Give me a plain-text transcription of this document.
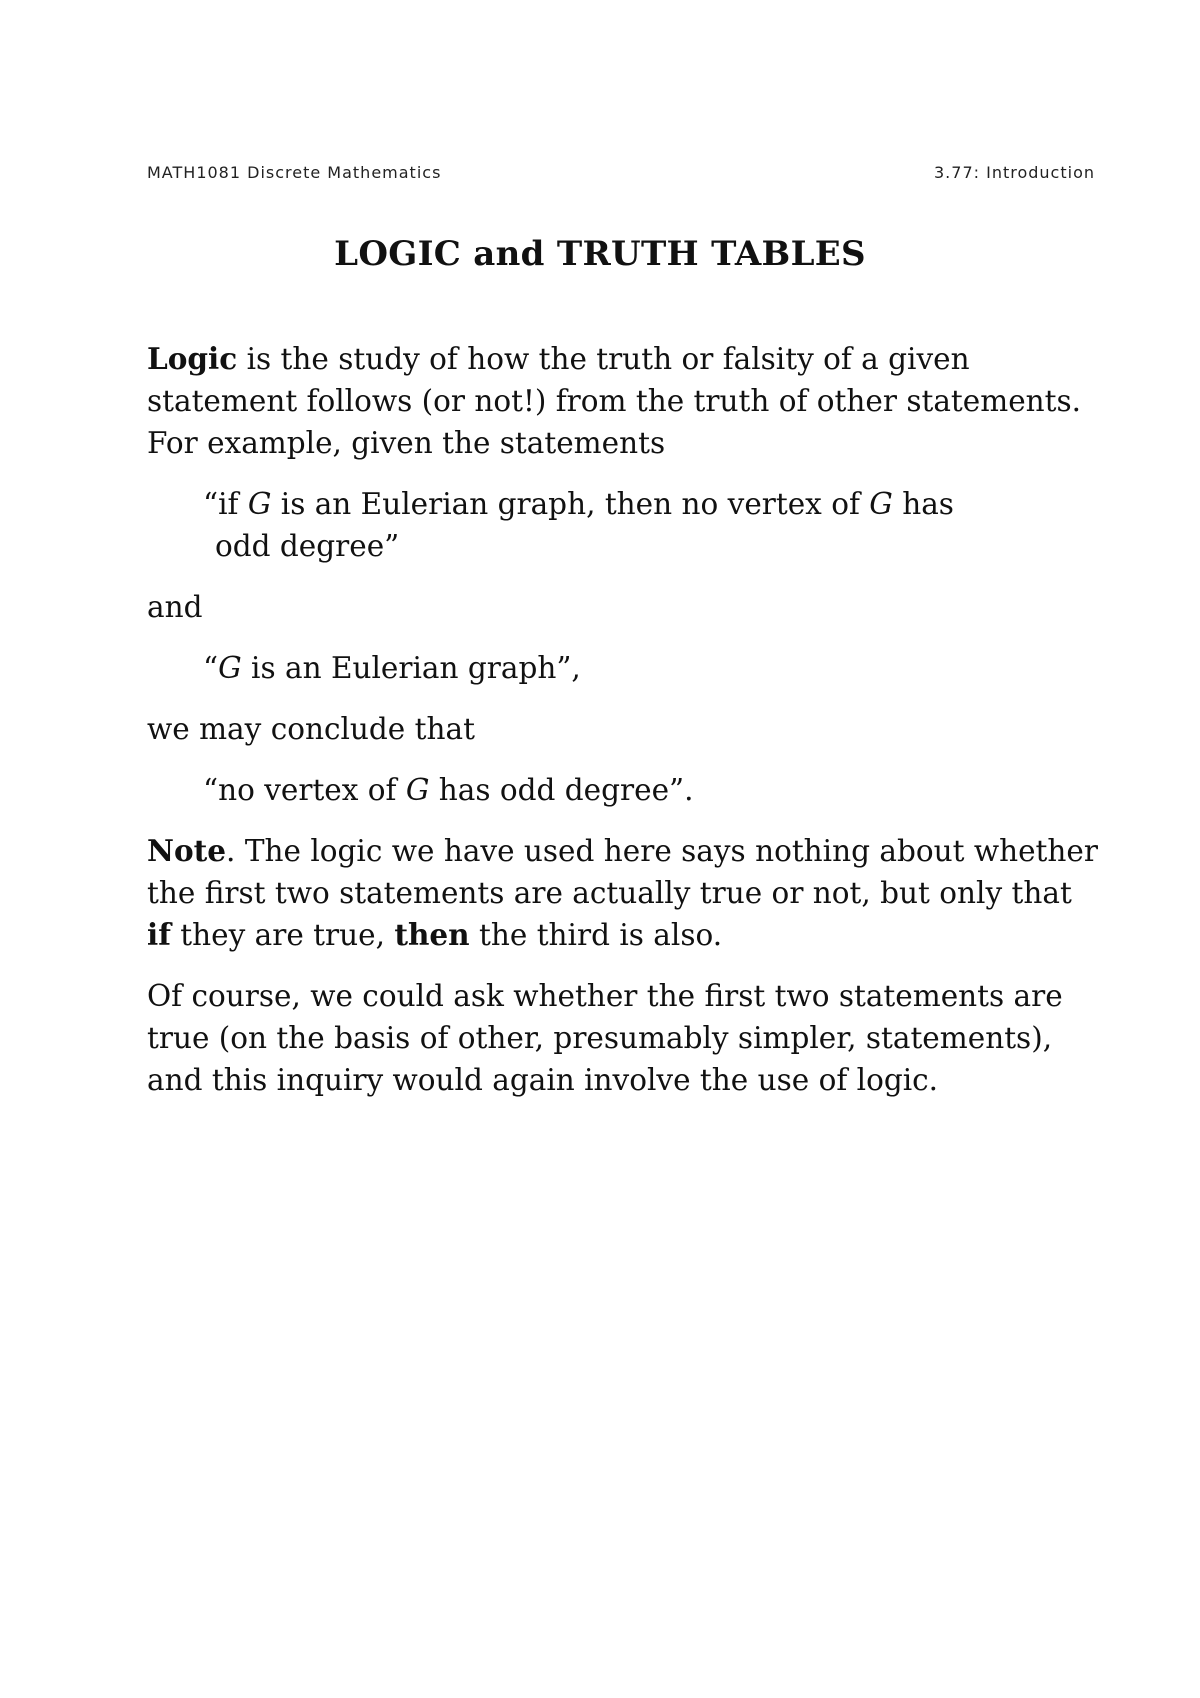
MATH1081 Discrete Mathematics	3.77: Introduction
LOGIC and TRUTH TABLES

Logic is the study of how the truth or falsity of a given statement follows (or not!) from the truth of other statements. For example, given the statements

“if G is an Eulerian graph, then no vertex of G has
odd degree”

and

“G is an Eulerian graph”,

we may conclude that

“no vertex of G has odd degree”.

Note. The logic we have used here says nothing about whether the first two statements are actually true or not, but only that if they are true, then the third is also.

Of course, we could ask whether the first two statements are true (on the basis of other, presumably simpler, statements), and this inquiry would again involve the use of logic.
